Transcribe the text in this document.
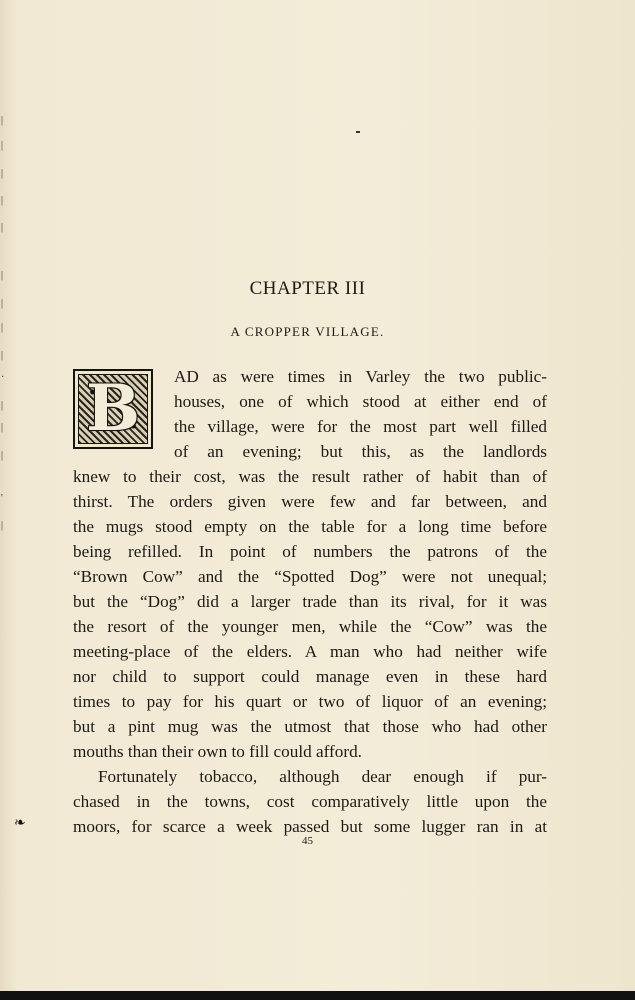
|
|
|
|
|
|
|
|
|
·
|
|
|
'
|
CHAPTER III
A CROPPER VILLAGE.
B	AD as were times in Varley the two public-
houses, one of which stood at either end of
the village, were for the most part well filled
of an evening; but this, as the landlords
knew to their cost, was the result rather of habit than of
thirst. The orders given were few and far between, and
the mugs stood empty on the table for a long time before
being refilled. In point of numbers the patrons of the
“Brown Cow” and the “Spotted Dog” were not unequal;
but the “Dog” did a larger trade than its rival, for it was
the resort of the younger men, while the “Cow” was the
meeting-place of the elders. A man who had neither wife
nor child to support could manage even in these hard
times to pay for his quart or two of liquor of an evening;
but a pint mug was the utmost that those who had other
mouths than their own to fill could afford.
Fortunately tobacco, although dear enough if pur-
chased in the towns, cost comparatively little upon the
moors, for scarce a week passed but some lugger ran in at
❧
45
